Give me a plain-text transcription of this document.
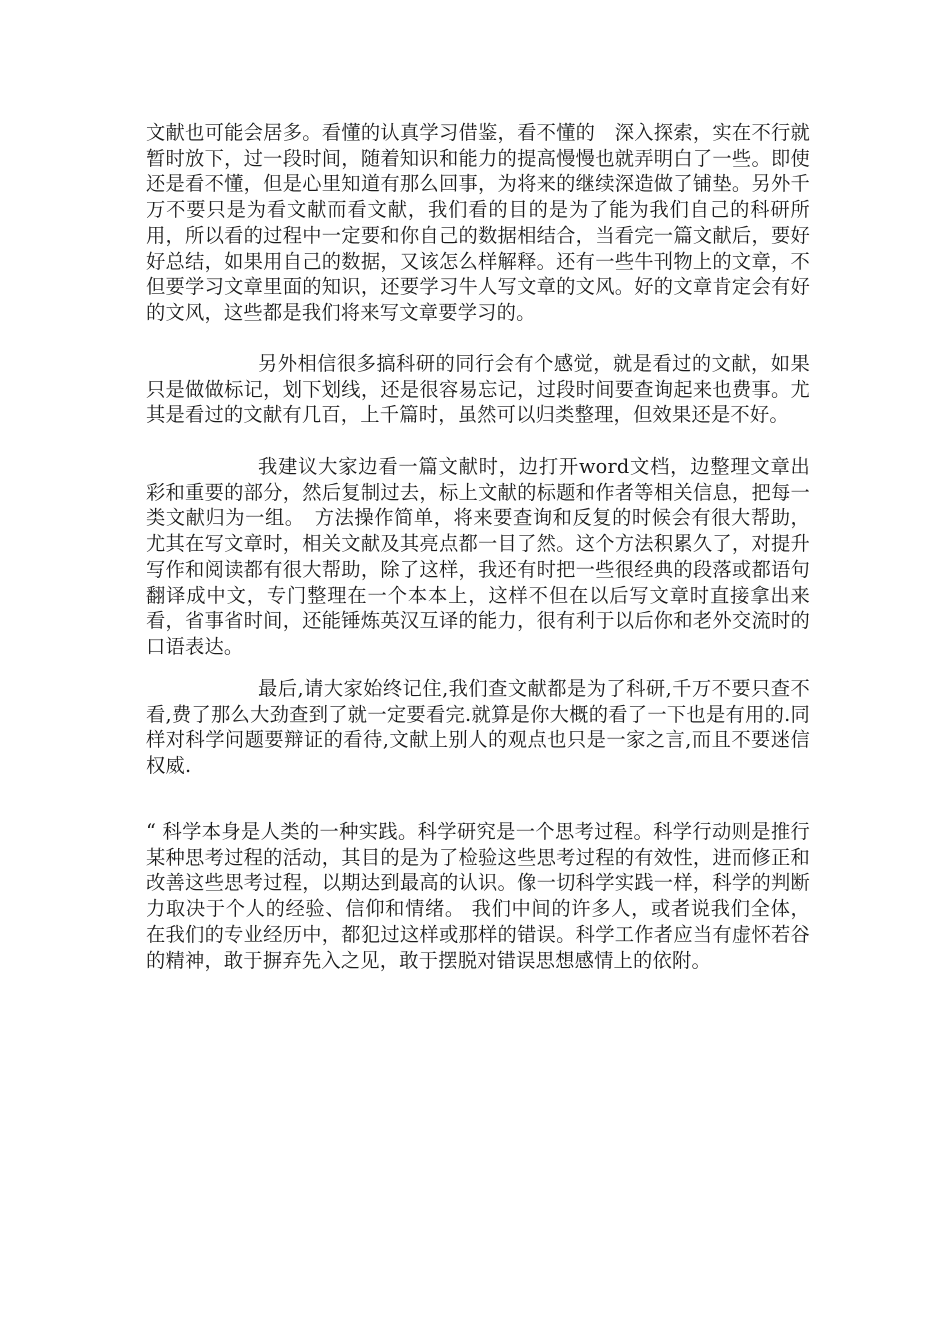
文献也可能会居多。看懂的认真学习借鉴，看不懂的　深入探索，实在不行就暂时放下，过一段时间，随着知识和能力的提高慢慢也就弄明白了一些。即使还是看不懂，但是心里知道有那么回事，为将来的继续深造做了铺垫。另外千万不要只是为看文献而看文献，我们看的目的是为了能为我们自己的科研所用，所以看的过程中一定要和你自己的数据相结合，当看完一篇文献后，要好好总结，如果用自己的数据，又该怎么样解释。还有一些牛刊物上的文章，不但要学习文章里面的知识，还要学习牛人写文章的文风。好的文章肯定会有好的文风，这些都是我们将来写文章要学习的。

另外相信很多搞科研的同行会有个感觉，就是看过的文献，如果只是做做标记，划下划线，还是很容易忘记，过段时间要查询起来也费事。尤其是看过的文献有几百，上千篇时，虽然可以归类整理，但效果还是不好。

我建议大家边看一篇文献时，边打开word文档，边整理文章出彩和重要的部分，然后复制过去，标上文献的标题和作者等相关信息，把每一类文献归为一组。　方法操作简单，将来要查询和反复的时候会有很大帮助，尤其在写文章时，相关文献及其亮点都一目了然。这个方法积累久了，对提升写作和阅读都有很大帮助，除了这样，我还有时把一些很经典的段落或都语句翻译成中文，专门整理在一个本本上，这样不但在以后写文章时直接拿出来看，省事省时间，还能锤炼英汉互译的能力，很有利于以后你和老外交流时的口语表达。

最后,请大家始终记住,我们查文献都是为了科研,千万不要只查不看,费了那么大劲查到了就一定要看完.就算是你大概的看了一下也是有用的.同样对科学问题要辩证的看待,文献上别人的观点也只是一家之言,而且不要迷信权威.

“ 科学本身是人类的一种实践。科学研究是一个思考过程。科学行动则是推行某种思考过程的活动，其目的是为了检验这些思考过程的有效性，进而修正和改善这些思考过程，以期达到最高的认识。像一切科学实践一样，科学的判断力取决于个人的经验、信仰和情绪。 我们中间的许多人，或者说我们全体，在我们的专业经历中，都犯过这样或那样的错误。科学工作者应当有虚怀若谷的精神，敢于摒弃先入之见，敢于摆脱对错误思想感情上的依附。
